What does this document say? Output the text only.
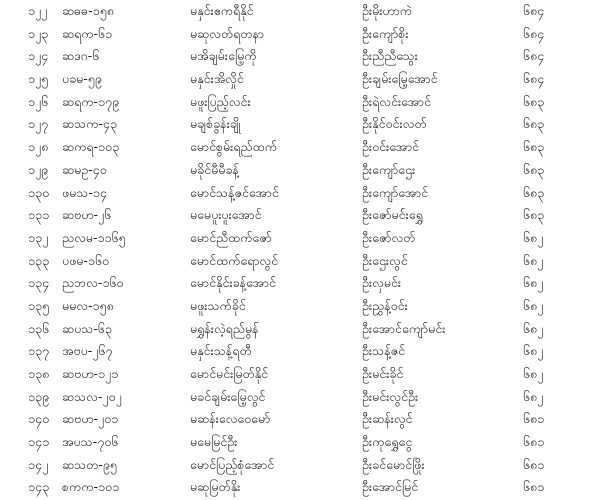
၁၂၂	ဆဓဓ-၁၅၈	မနှင်းဧကရီနိုင်	ဦးမိုးဟာကဲ	၆၈၄
၁၂၃	ဆရက-၆၁	မဆုလတ်ရတနာ	ဦးကျော်စိုး	၆၈၄
၁၂၄	ဆဒဂ-၆	မအိချမ်းမြေ့ကို	ဦးညီညီသွေး	၆၈၄
၁၂၅	ပခမ-၅၉	မနှင်းအိလှိုင်	ဦးချမ်းမြေ့အောင်	၆၈၄
၁၂၆	ဆရက-၁၇၉	မဖူးပြည့်လင်း	ဦးရဲလင်းအောင်	၆၈၃
၁၂၇	ဆသက-၄၃	မချစ်ခွန်းချို	ဦးနိုင်ဝင်းလတ်	၆၈၃
၁၂၈	ဆကရ-၁၀၃	မောင်စွမ်းရည်ထက်	ဦးဝင်းအောင်	၆၈၃
၁၂၉	ဆမဥ-၄၀	မခိုင်မီမီခန့်	ဦးကျော်ဌေး	၆၈၃
၁၃၀	ဖမသ-၁၄	မောင်သန့်ဇင်အောင်	ဦးကျော်အောင်	၆၈၃
၁၃၁	ဆဗဟ-၂၆	မမေပူးပူးအောင်	ဦးဇော်မင်းရွှေ	၆၈၃
၁၃၂	ညလမ-၁၁၆၅	မောင်ညီထက်ဇော်	ဦးဇော်လတ်	၆၈၂
၁၃၃	ပဖမ-၁၆၀	မောင်ထက်ရောလွင်	ဦးဌေးလွင်	၆၈၂
၁၃၄	ညဘလ-၁၆၀	မောင်နိုင်းခန့်အောင်	ဦးလှမင်း	၆၈၂
၁၃၅	မမလ-၁၅၈	မဖူးသက်ခိုင်	ဦးညွှန့်ဝင်း	၆၈၂
၁၃၆	ဆပသ-၆၃	မရွှန်းလဲ့ရည်မွန်	ဦးအောင်ကျော်မင်း	၆၈၂
၁၃၇	အဗပ-၂၆၇	မနှင်းသန့်ရတီ	ဦးသန့်ဇင်	၆၈၂
၁၃၈	ဆဗဟ-၁၂၁	မောင်မင်းမြတ်နိုင်	ဦးမင်းခိုင်	၆၈၂
၁၃၉	ဆသလ-၂၀၂	မခင်ချမ်းမြေ့လွင်	ဦးမင်းလွင်ဦး	၆၈၂
၁၄၀	ဆဗဟ-၂၀၁	မဆန်းလေဝေမော်	ဦးဆန်းလွင်	၆၈၁
၁၄၁	အပသ-၇၀၆	မမေမြင်ဦး	ဦးကုရွှေငွေ	၆၈၁
၁၄၂	ဆသတ-၉၅	မောင်ပြည့်စုံအောင်	ဦးခင်မောင်ဖြိုး	၆၈၁
၁၄၃	စကက-၁၀၁	မဆုမြတ်နိုး	ဦးအောင်မြင်	၆၈၁
